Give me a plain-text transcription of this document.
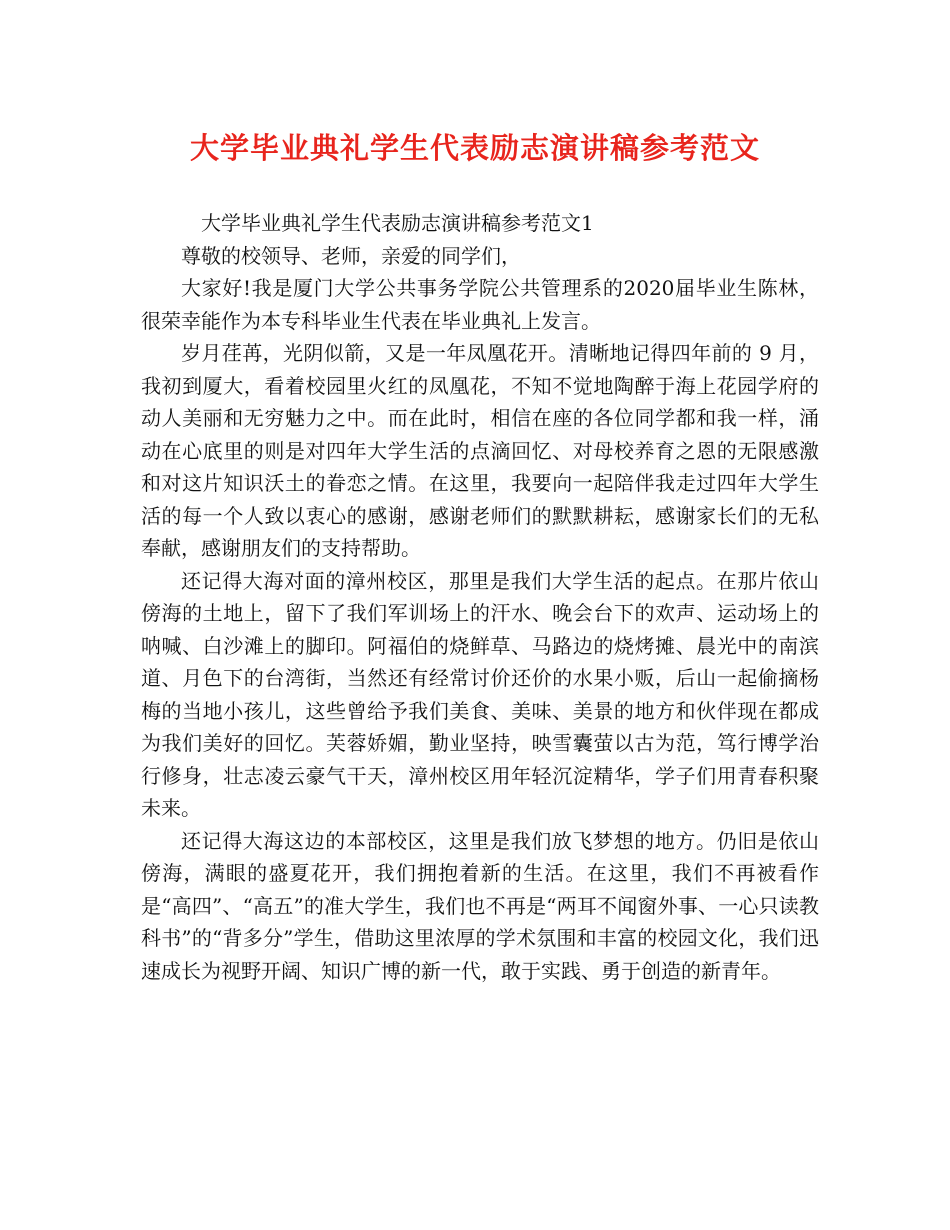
大学毕业典礼学生代表励志演讲稿参考范文

大学毕业典礼学生代表励志演讲稿参考范文1

尊敬的校领导、老师，亲爱的同学们，

大家好!我是厦门大学公共事务学院公共管理系的2020届毕业生陈林，很荣幸能作为本专科毕业生代表在毕业典礼上发言。

岁月荏苒，光阴似箭，又是一年凤凰花开。清晰地记得四年前的 9 月，我初到厦大，看着校园里火红的凤凰花，不知不觉地陶醉于海上花园学府的动人美丽和无穷魅力之中。而在此时，相信在座的各位同学都和我一样，涌动在心底里的则是对四年大学生活的点滴回忆、对母校养育之恩的无限感激和对这片知识沃土的眷恋之情。在这里，我要向一起陪伴我走过四年大学生活的每一个人致以衷心的感谢，感谢老师们的默默耕耘，感谢家长们的无私奉献，感谢朋友们的支持帮助。

还记得大海对面的漳州校区，那里是我们大学生活的起点。在那片依山傍海的土地上，留下了我们军训场上的汗水、晚会台下的欢声、运动场上的呐喊、白沙滩上的脚印。阿福伯的烧鲜草、马路边的烧烤摊、晨光中的南滨道、月色下的台湾街，当然还有经常讨价还价的水果小贩，后山一起偷摘杨梅的当地小孩儿，这些曾给予我们美食、美味、美景的地方和伙伴现在都成为我们美好的回忆。芙蓉娇媚，勤业坚持，映雪囊萤以古为范，笃行博学治行修身，壮志凌云豪气干天，漳州校区用年轻沉淀精华，学子们用青春积聚未来。

还记得大海这边的本部校区，这里是我们放飞梦想的地方。仍旧是依山傍海，满眼的盛夏花开，我们拥抱着新的生活。在这里，我们不再被看作是“高四”、“高五”的准大学生，我们也不再是“两耳不闻窗外事、一心只读教科书”的“背多分”学生，借助这里浓厚的学术氛围和丰富的校园文化，我们迅速成长为视野开阔、知识广博的新一代，敢于实践、勇于创造的新青年。
